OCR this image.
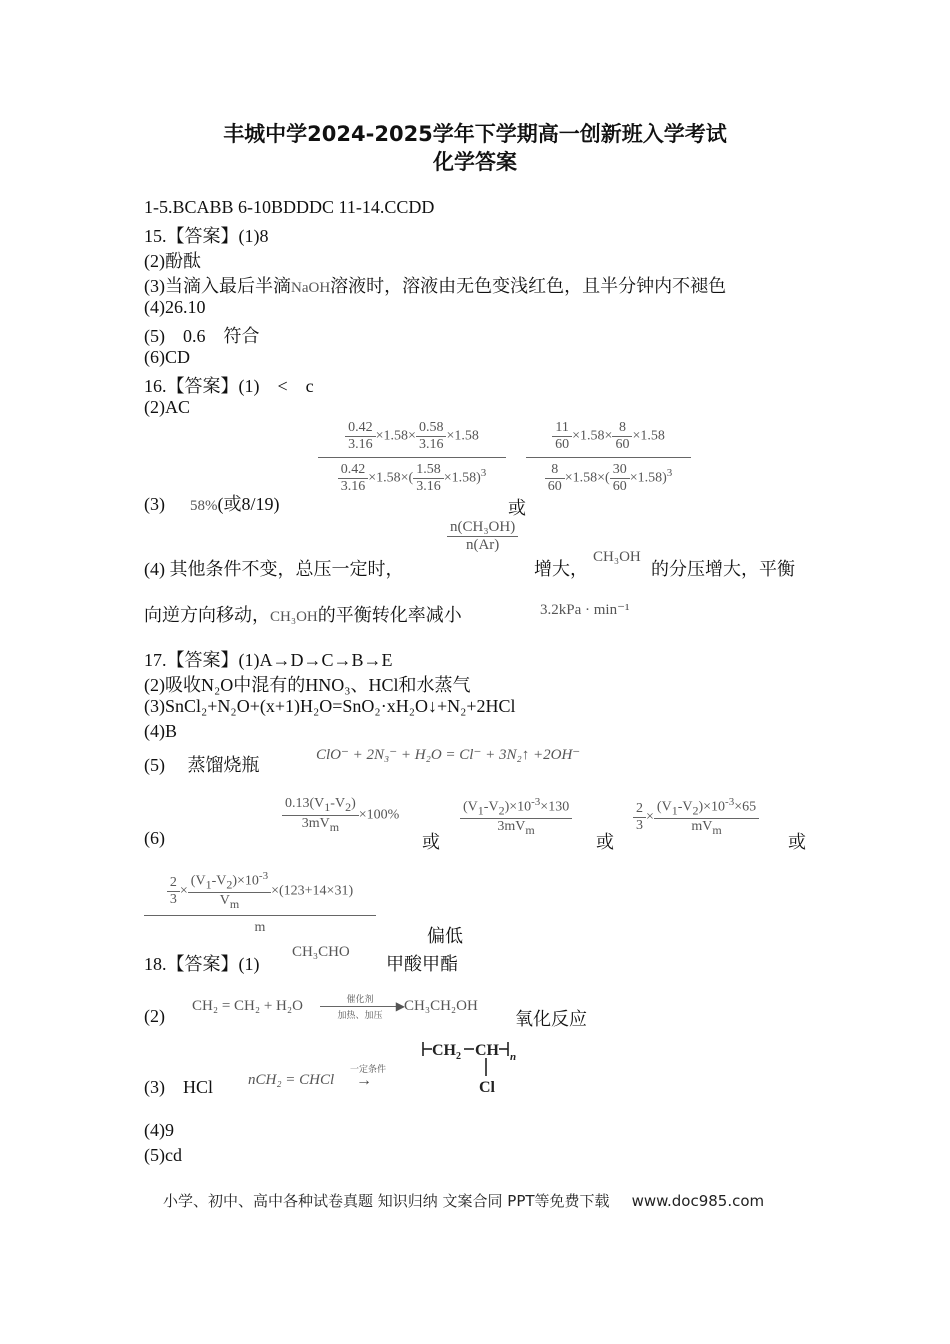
丰城中学2024-2025学年下学期高一创新班入学考试
化学答案
1-5.BCABB 6-10BDDDC 11-14.CCDD
15.【答案】(1)8
(2)酚酞
(3)当滴入最后半滴NaOH溶液时，溶液由无色变浅红色，且半分钟内不褪色
(4)26.10
(5)    0.6    符合
(6)CD
16.【答案】(1)    <    c
(2)AC
(3) 58%(或8/19)
$\frac{0.42}{3.16} \times 1.58\times \frac{0.58}{3.16} \times 1.58$
$\frac{0.42}{3.16} \times 1.58\times( \frac{1.58}{3.16} \times 1.58)^3$
或
$\frac{11}{60} \times 1.58\times \frac{8}{60} \times 1.58$
$\frac{8}{60} \times 1.58\times( \frac{30}{60} \times 1.58)^3$
(4) 其他条件不变，总压一定时，
$\frac{\text{n(CH₃OH)}}{n(Ar)}$
增大，
CH₃OH
的分压增大，平衡
向逆方向移动，CH₃OH的平衡转化率减小	3.2kPa · min⁻¹
17.【答案】(1)A→D→C→B→E
(2)吸收N₂O中混有的HNO₃、HCl和水蒸气
(3)SnCl₂+N₂O+(x+1)H₂O=SnO₂·xH₂O↓+N₂+2HCl
(4)B
(5)     蒸馏烧瓶	ClO⁻ + 2N₃⁻ + H₂O = Cl⁻ + 3N₂↑ +2OH⁻
(6)
$\frac{0.13(V_1-V_2)}{3mV_m} \times 100\%$
或
$\frac{(V_1-V_2)\times 10^{-3}\times 130}{3mV_m}$
或
$\frac{2}{3} \times \frac{(V_1-V_2)\times 10^{-3}\times 65}{mV_m}$
或
$\frac{2}{3} \times \frac{(V_1-V_2)\times 10^{-3}}{V_m} \times(123+14\times 31)$
m	偏低
18.【答案】(1)
CH₃CHO
甲酸甲酯
(2) CH₂ = CH₂ + H₂O	催化剂	▶
加热、加压
CH₃CH₂OH
氧化反应
(3)    HCl nCH₂ = CHCl
一定条件
→
CH 2 CH n
Cl
(4)9
(5)cd
小学、初中、高中各种试卷真题 知识归纳 文案合同 PPT等免费下载 www.doc985.com
